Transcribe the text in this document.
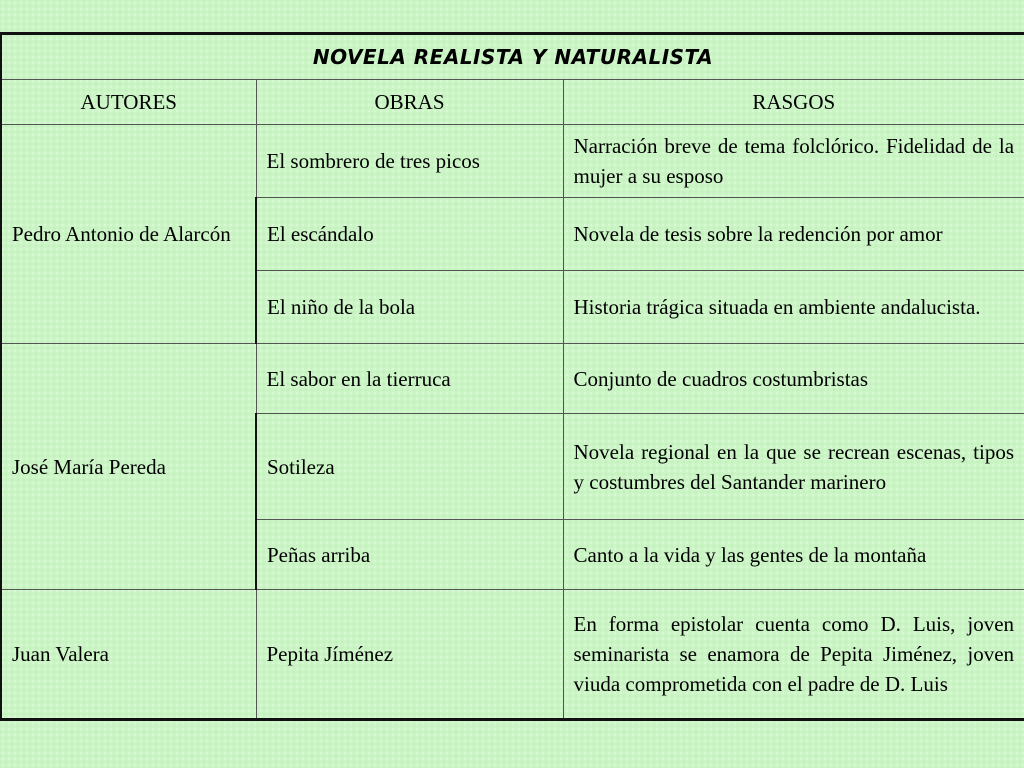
NOVELA REALISTA Y NATURALISTA		
AUTORES	OBRAS	RASGOS
Pedro Antonio de Alarcón	El sombrero de tres picos	Narración breve de tema folclórico. Fidelidad de la mujer a su esposo
	El escándalo	Novela de tesis sobre la redención por amor
	El niño de la bola	Historia trágica situada en ambiente andalucista.
José María Pereda	El sabor en la tierruca	Conjunto de cuadros costumbristas
	Sotileza	Novela regional en la que se recrean escenas, tipos y costumbres del Santander marinero
	Peñas arriba	Canto a la vida y las gentes de la montaña
Juan Valera	Pepita Jíménez	En forma epistolar cuenta como D. Luis, joven seminarista se enamora de Pepita Jiménez, joven viuda comprometida con el padre de D. Luis
